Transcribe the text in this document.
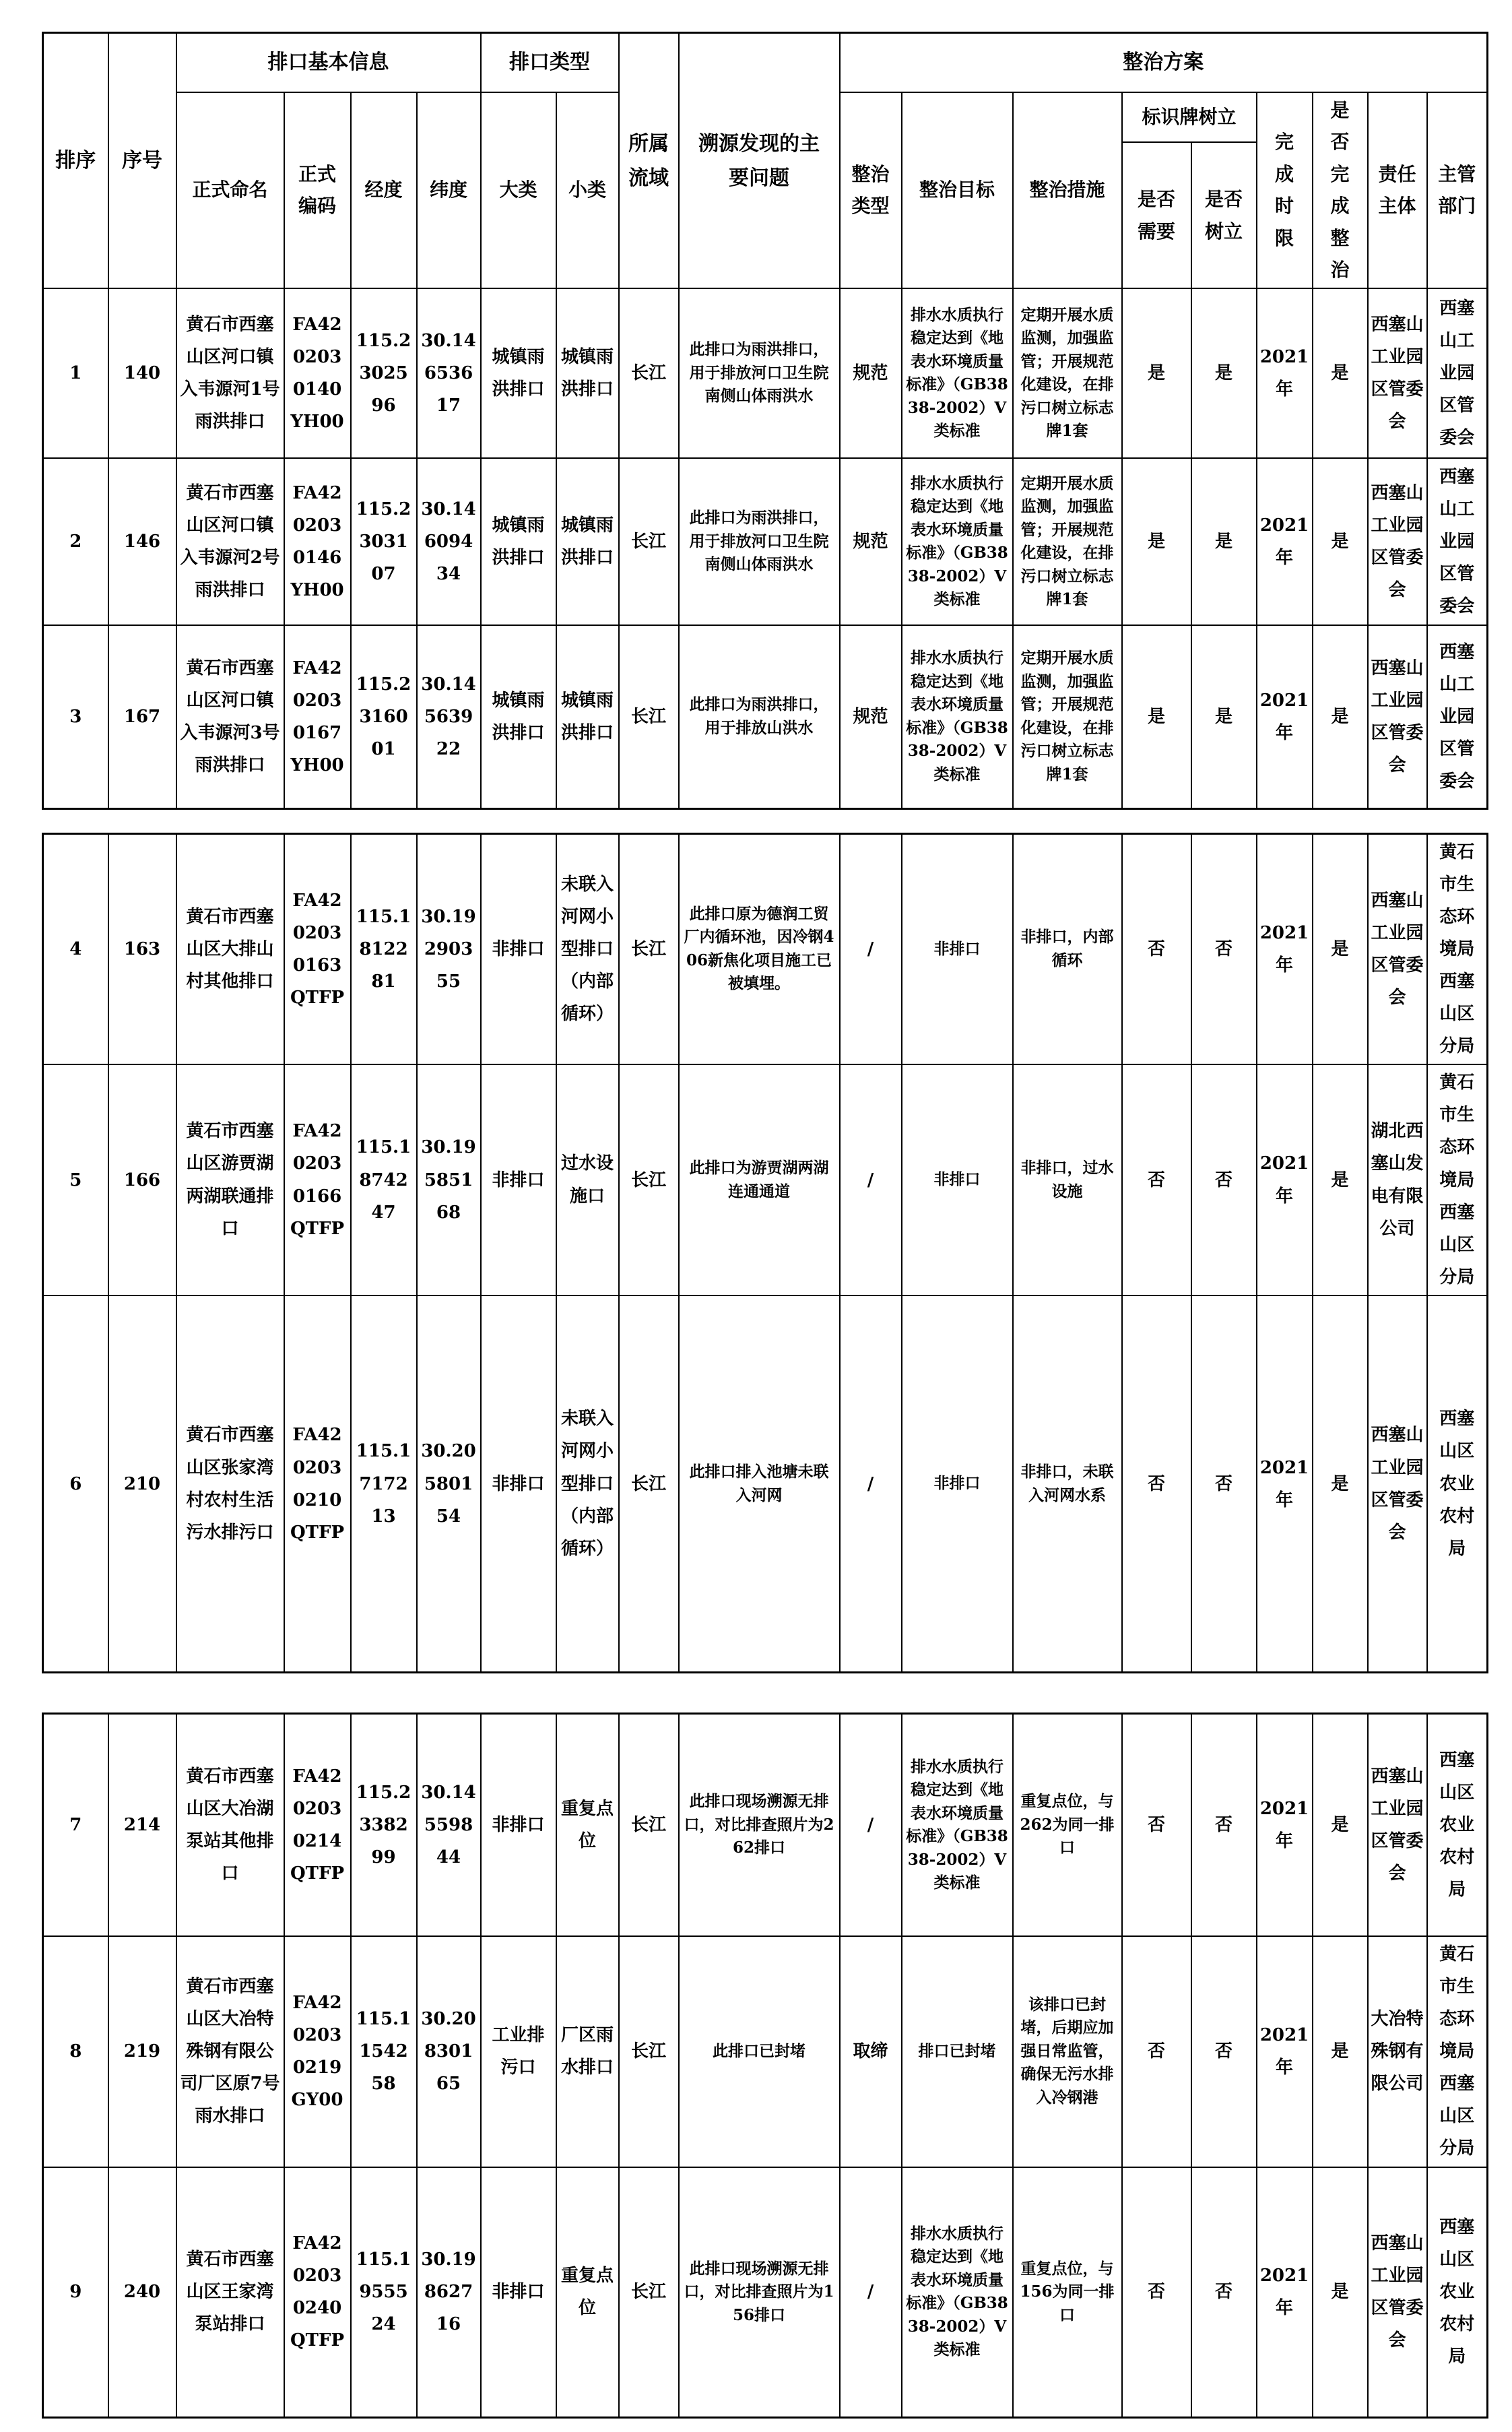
排序	序号	排口基本信息				排口类型		所属流域	溯源发现的主要问题	整治方案								
		正式命名	正式编码	经度	纬度	大类	小类			整治类型	整治目标	整治措施	标识牌树立		完成时限	是否完成整治	责任主体	主管部门
													是否需要	是否树立				
1	140	黄石市西塞山区河口镇入韦源河1号雨洪排口	FA4202030140YH00	115.2302596	30.14653617	城镇雨洪排口	城镇雨洪排口	长江	此排口为雨洪排口，用于排放河口卫生院南侧山体雨洪水	规范	排水水质执行稳定达到《地表水环境质量标准》（GB3838-2002）V类标准	定期开展水质监测，加强监管；开展规范化建设，在排污口树立标志牌1套	是	是	2021年	是	西塞山工业园区管委会	西塞山工业园区管委会
2	146	黄石市西塞山区河口镇入韦源河2号雨洪排口	FA4202030146YH00	115.2303107	30.14609434	城镇雨洪排口	城镇雨洪排口	长江	此排口为雨洪排口，用于排放河口卫生院南侧山体雨洪水	规范	排水水质执行稳定达到《地表水环境质量标准》（GB3838-2002）V类标准	定期开展水质监测，加强监管；开展规范化建设，在排污口树立标志牌1套	是	是	2021年	是	西塞山工业园区管委会	西塞山工业园区管委会
3	167	黄石市西塞山区河口镇入韦源河3号雨洪排口	FA4202030167YH00	115.2316001	30.14563922	城镇雨洪排口	城镇雨洪排口	长江	此排口为雨洪排口，用于排放山洪水	规范	排水水质执行稳定达到《地表水环境质量标准》（GB3838-2002）V类标准	定期开展水质监测，加强监管；开展规范化建设，在排污口树立标志牌1套	是	是	2021年	是	西塞山工业园区管委会	西塞山工业园区管委会
4	163	黄石市西塞山区大排山村其他排口	FA4202030163QTFP	115.1812281	30.19290355	非排口	未联入河网小型排口（内部循环）	长江	此排口原为德润工贸厂内循环池，因冷钢406新焦化项目施工已被填埋。	/	非排口	非排口，内部循环	否	否	2021年	是	西塞山工业园区管委会	黄石市生态环境局西塞山区分局
5	166	黄石市西塞山区游贾湖两湖联通排口	FA4202030166QTFP	115.1874247	30.19585168	非排口	过水设施口	长江	此排口为游贾湖两湖连通通道	/	非排口	非排口，过水设施	否	否	2021年	是	湖北西塞山发电有限公司	黄石市生态环境局西塞山区分局
6	210	黄石市西塞山区张家湾村农村生活污水排污口	FA4202030210QTFP	115.1717213	30.20580154	非排口	未联入河网小型排口（内部循环）	长江	此排口排入池塘未联入河网	/	非排口	非排口，未联入河网水系	否	否	2021年	是	西塞山工业园区管委会	西塞山区农业农村局
7	214	黄石市西塞山区大冶湖泵站其他排口	FA4202030214QTFP	115.2338299	30.14559844	非排口	重复点位	长江	此排口现场溯源无排口，对比排查照片为262排口	/	排水水质执行稳定达到《地表水环境质量标准》（GB3838-2002）V类标准	重复点位，与262为同一排口	否	否	2021年	是	西塞山工业园区管委会	西塞山区农业农村局
8	219	黄石市西塞山区大冶特殊钢有限公司厂区原7号雨水排口	FA4202030219GY00	115.1154258	30.20830165	工业排污口	厂区雨水排口	长江	此排口已封堵	取缔	排口已封堵	该排口已封堵，后期应加强日常监管，确保无污水排入冷钢港	否	否	2021年	是	大冶特殊钢有限公司	黄石市生态环境局西塞山区分局
9	240	黄石市西塞山区王家湾泵站排口	FA4202030240QTFP	115.1955524	30.19862716	非排口	重复点位	长江	此排口现场溯源无排口，对比排查照片为156排口	/	排水水质执行稳定达到《地表水环境质量标准》（GB3838-2002）V类标准	重复点位，与156为同一排口	否	否	2021年	是	西塞山工业园区管委会	西塞山区农业农村局
